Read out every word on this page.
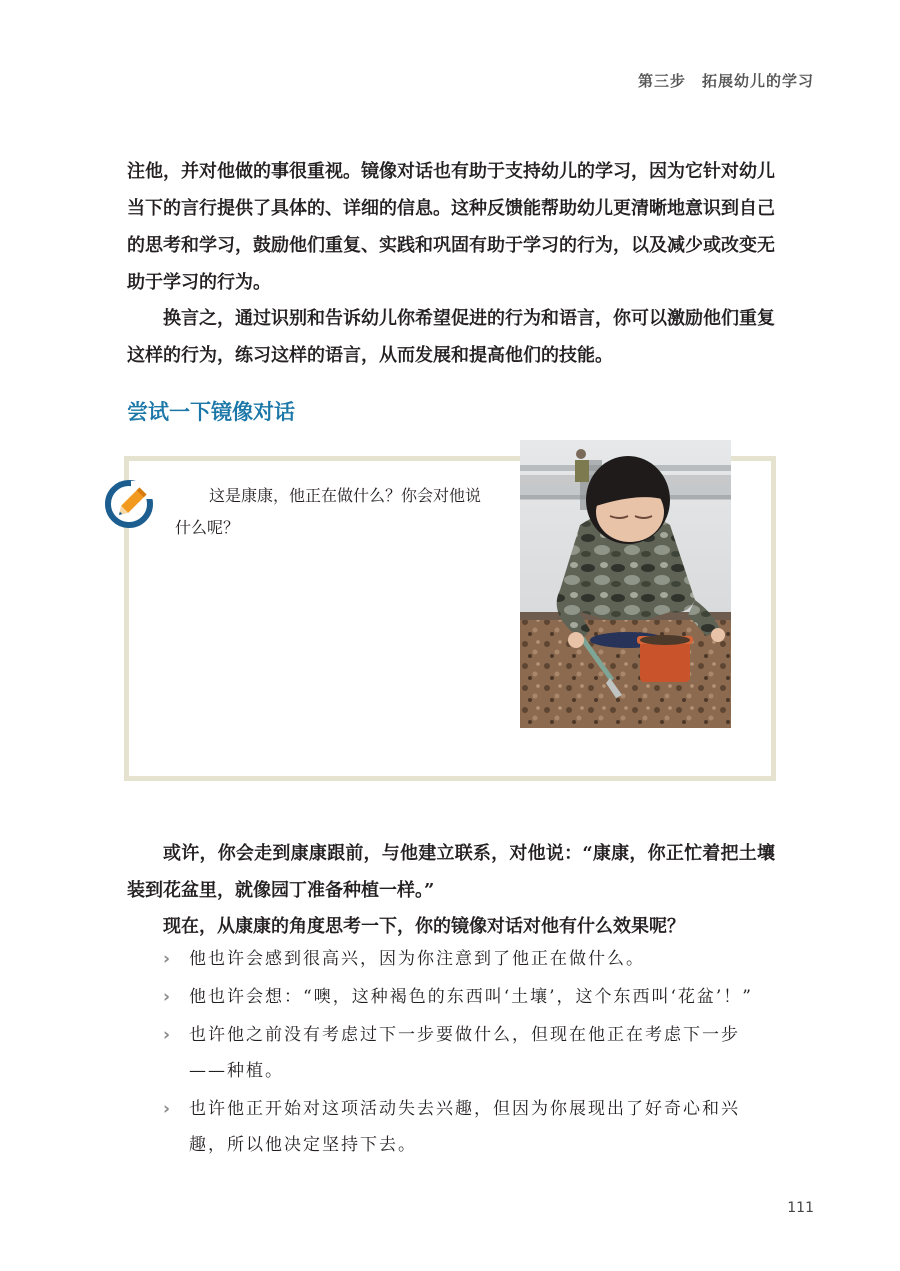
第三步　拓展幼儿的学习
注他，并对他做的事很重视。镜像对话也有助于支持幼儿的学习，因为它针对幼儿当下的言行提供了具体的、详细的信息。这种反馈能帮助幼儿更清晰地意识到自己的思考和学习，鼓励他们重复、实践和巩固有助于学习的行为，以及减少或改变无助于学习的行为。
换言之，通过识别和告诉幼儿你希望促进的行为和语言，你可以激励他们重复这样的行为，练习这样的语言，从而发展和提高他们的技能。
尝试一下镜像对话
这是康康，他正在做什么？你会对他说什么呢？
或许，你会走到康康跟前，与他建立联系，对他说：“康康，你正忙着把土壤装到花盆里，就像园丁准备种植一样。”
现在，从康康的角度思考一下，你的镜像对话对他有什么效果呢？
› 他也许会感到很高兴，因为你注意到了他正在做什么。
› 他也许会想：“噢，这种褐色的东西叫‘土壤’，这个东西叫‘花盆’！”
› 也许他之前没有考虑过下一步要做什么，但现在他正在考虑下一步——种植。
› 也许他正开始对这项活动失去兴趣，但因为你展现出了好奇心和兴趣，所以他决定坚持下去。
111
